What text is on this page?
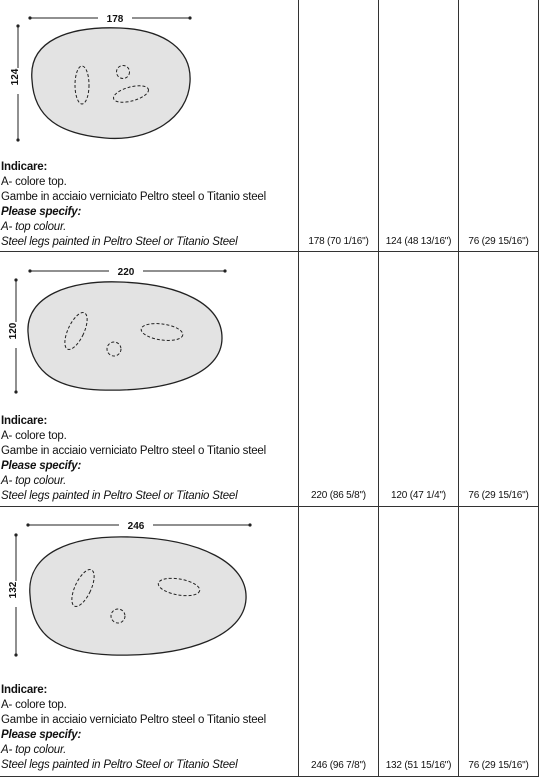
178
124
Indicare:
A- colore top.
Gambe in acciaio verniciato Peltro steel o Titanio steel
Please specify:
A- top colour.
Steel legs painted in Peltro Steel or Titanio Steel	178 (70 1/16")	124 (48 13/16")	76 (29 15/16")
220
120
Indicare:
A- colore top.
Gambe in acciaio verniciato Peltro steel o Titanio steel
Please specify:
A- top colour.
Steel legs painted in Peltro Steel or Titanio Steel	220 (86 5/8")	120 (47 1/4")	76 (29 15/16")
246
132
Indicare:
A- colore top.
Gambe in acciaio verniciato Peltro steel o Titanio steel
Please specify:
A- top colour.
Steel legs painted in Peltro Steel or Titanio Steel	246 (96 7/8")	132 (51 15/16")	76 (29 15/16")
